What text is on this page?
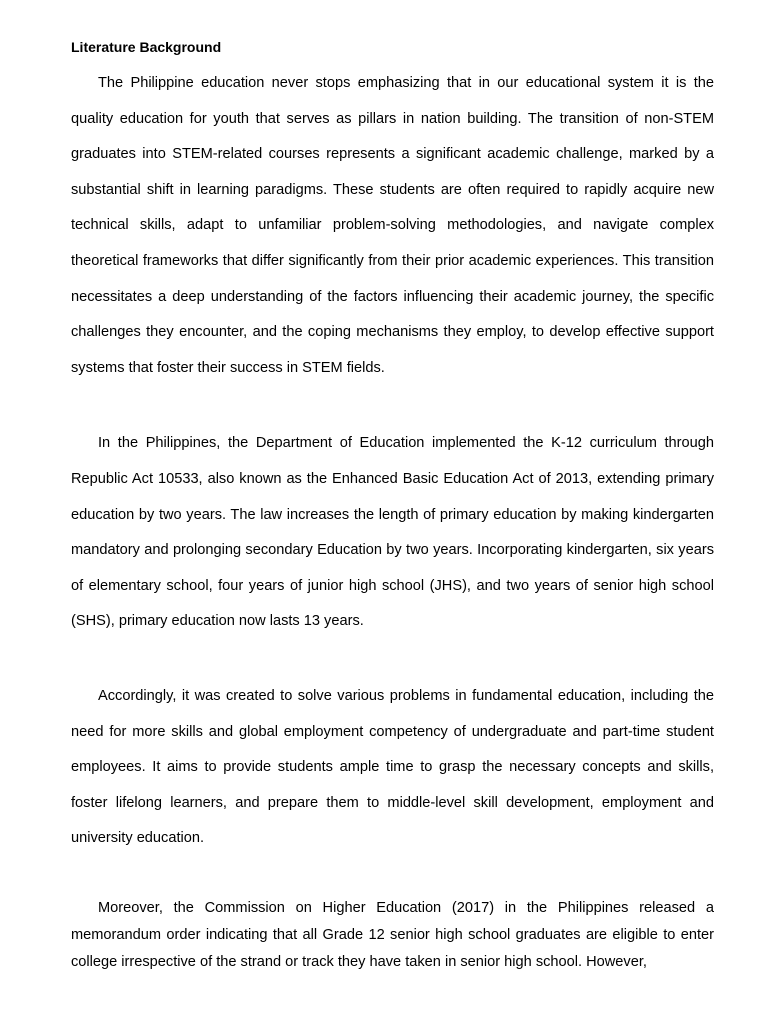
Literature Background

The Philippine education never stops emphasizing that in our educational system it is the quality education for youth that serves as pillars in nation building. The transition of non-STEM graduates into STEM-related courses represents a significant academic challenge, marked by a substantial shift in learning paradigms. These students are often required to rapidly acquire new technical skills, adapt to unfamiliar problem-solving methodologies, and navigate complex theoretical frameworks that differ significantly from their prior academic experiences. This transition necessitates a deep understanding of the factors influencing their academic journey, the specific challenges they encounter, and the coping mechanisms they employ, to develop effective support systems that foster their success in STEM fields.

In the Philippines, the Department of Education implemented the K-12 curriculum through Republic Act 10533, also known as the Enhanced Basic Education Act of 2013, extending primary education by two years. The law increases the length of primary education by making kindergarten mandatory and prolonging secondary Education by two years. Incorporating kindergarten, six years of elementary school, four years of junior high school (JHS), and two years of senior high school (SHS), primary education now lasts 13 years.

Accordingly, it was created to solve various problems in fundamental education, including the need for more skills and global employment competency of undergraduate and part-time student employees. It aims to provide students ample time to grasp the necessary concepts and skills, foster lifelong learners, and prepare them to middle-level skill development, employment and university education.

Moreover, the Commission on Higher Education (2017) in the Philippines released a memorandum order indicating that all Grade 12 senior high school graduates are eligible to enter college irrespective of the strand or track they have taken in senior high school. However,
